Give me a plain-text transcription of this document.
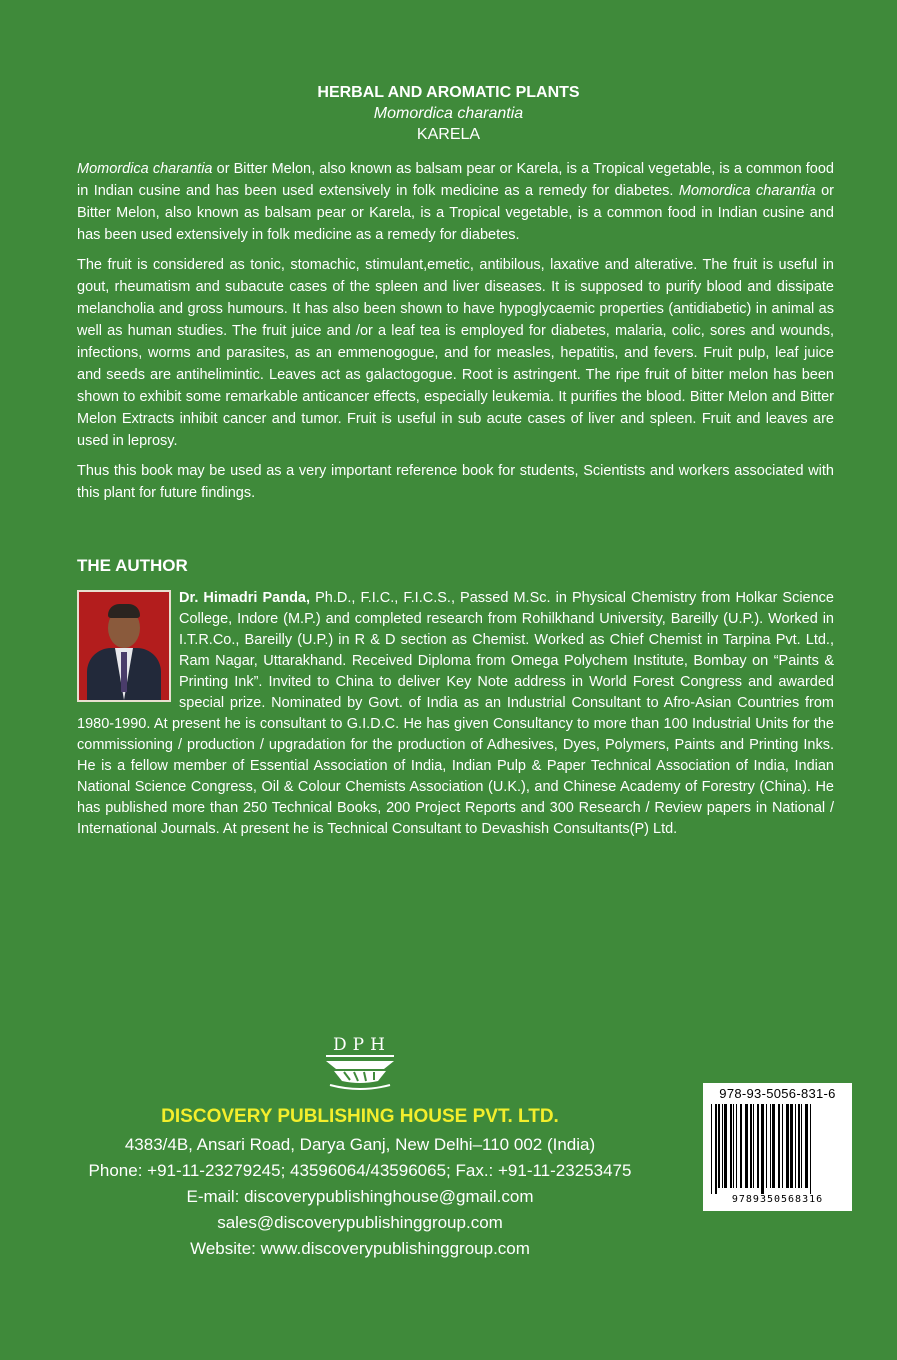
HERBAL AND AROMATIC PLANTS
Momordica charantia
KARELA

Momordica charantia or Bitter Melon, also known as balsam pear or Karela, is a Tropical vegetable, is a common food in Indian cusine and has been used extensively in folk medicine as a remedy for diabetes. Momordica charantia or Bitter Melon, also known as balsam pear or Karela, is a Tropical vegetable, is a common food in Indian cusine and has been used extensively in folk medicine as a remedy for diabetes.

The fruit is considered as tonic, stomachic, stimulant,emetic, antibilous, laxative and alterative. The fruit is useful in gout, rheumatism and subacute cases of the spleen and liver diseases. It is supposed to purify blood and dissipate melancholia and gross humours. It has also been shown to have hypoglycaemic properties (antidiabetic) in animal as well as human studies. The fruit juice and /or a leaf tea is employed for diabetes, malaria, colic, sores and wounds, infections, worms and parasites, as an emmenogogue, and for measles, hepatitis, and fevers. Fruit pulp, leaf juice and seeds are antihelimintic. Leaves act as galactogogue. Root is astringent. The ripe fruit of bitter melon has been shown to exhibit some remarkable anticancer effects, especially leukemia. It purifies the blood. Bitter Melon and Bitter Melon Extracts inhibit cancer and tumor. Fruit is useful in sub acute cases of liver and spleen. Fruit and leaves are used in leprosy.

Thus this book may be used as a very important reference book for students, Scientists and workers associated with this plant for future findings.

THE AUTHOR
Dr. Himadri Panda, Ph.D., F.I.C., F.I.C.S., Passed M.Sc. in Physical Chemistry from Holkar Science College, Indore (M.P.) and completed research from Rohilkhand University, Bareilly (U.P.). Worked in I.T.R.Co., Bareilly (U.P.) in R & D section as Chemist. Worked as Chief Chemist in Tarpina Pvt. Ltd., Ram Nagar, Uttarakhand. Received Diploma from Omega Polychem Institute, Bombay on “Paints & Printing Ink”. Invited to China to deliver Key Note address in World Forest Congress and awarded special prize. Nominated by Govt. of India as an Industrial Consultant to Afro-Asian Countries from 1980-1990. At present he is consultant to G.I.D.C. He has given Consultancy to more than 100 Industrial Units for the commissioning / production / upgradation for the production of Adhesives, Dyes, Polymers, Paints and Printing Inks. He is a fellow member of Essential Association of India, Indian Pulp & Paper Technical Association of India, Indian National Science Congress, Oil & Colour Chemists Association (U.K.), and Chinese Academy of Forestry (China). He has published more than 250 Technical Books, 200 Project Reports and 300 Research / Review papers in National / International Journals. At present he is Technical Consultant to Devashish Consultants(P) Ltd.
DPH
DISCOVERY PUBLISHING HOUSE PVT. LTD.
4383/4B, Ansari Road, Darya Ganj, New Delhi–110 002 (India)
Phone: +91-11-23279245; 43596064/43596065; Fax.: +91-11-23253475
E-mail: discoverypublishinghouse@gmail.com
sales@discoverypublishinggroup.com
Website: www.discoverypublishinggroup.com
978-93-5056-831-6
9789350568316
